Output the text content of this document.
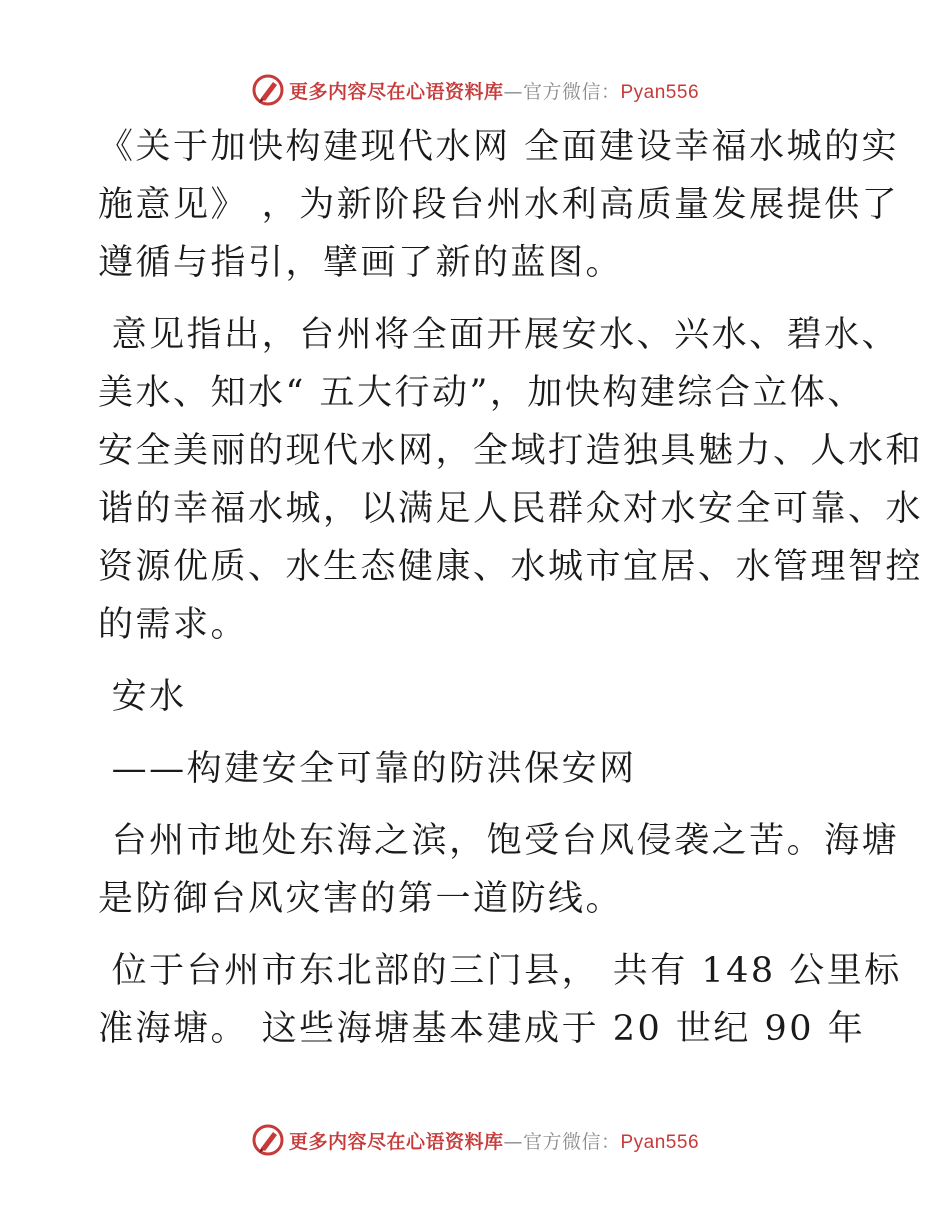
更多内容尽在心语资料库—官方微信：Pyan556

《关于加快构建现代水网 全面建设幸福水城的实
施意见》 ，为新阶段台州水利高质量发展提供了
遵循与指引，擘画了新的蓝图。

意见指出，台州将全面开展安水、兴水、碧水、
美水、知水“ 五大行动”，加快构建综合立体、
安全美丽的现代水网，全域打造独具魅力、人水和
谐的幸福水城，以满足人民群众对水安全可靠、水
资源优质、水生态健康、水城市宜居、水管理智控
的需求。

安水

——构建安全可靠的防洪保安网

台州市地处东海之滨，饱受台风侵袭之苦。海塘
是防御台风灾害的第一道防线。

位于台州市东北部的三门县， 共有 148 公里标
准海塘。 这些海塘基本建成于 20 世纪 90 年

更多内容尽在心语资料库—官方微信：Pyan556
